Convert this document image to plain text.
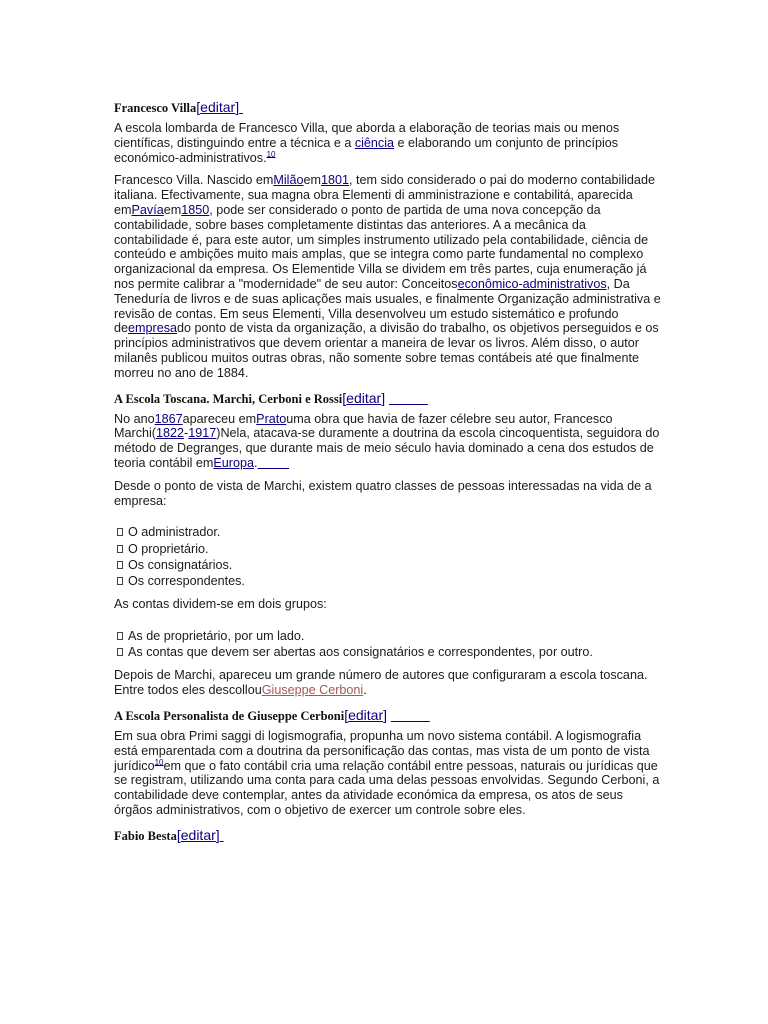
Francesco Villa[editar]

A escola lombarda de Francesco Villa, que aborda a elaboração de teorias mais ou menos científicas, distinguindo entre a técnica e a ciência e elaborando um conjunto de princípios económico-administrativos.$^{10}$

Francesco Villa. Nascido emMilãoem1801, tem sido considerado o pai do moderno contabilidade italiana. Efectivamente, sua magna obra Elementi di amministrazione e contabilitá, aparecida emPavíaem1850, pode ser considerado o ponto de partida de uma nova concepção da contabilidade, sobre bases completamente distintas das anteriores. A a mecânica da contabilidade é, para este autor, um simples instrumento utilizado pela contabilidade, ciência de conteúdo e ambições muito mais amplas, que se integra como parte fundamental no complexo organizacional da empresa. Os Elementide Villa se dividem em três partes, cuja enumeração já nos permite calibrar a "modernidade" de seu autor: Conceitoseconômico-administrativos, Da Teneduría de livros e de suas aplicações mais usuales, e finalmente Organização administrativa e revisão de contas. Em seus Elementi, Villa desenvolveu um estudo sistemático e profundo deempresado ponto de vista da organização, a divisão do trabalho, os objetivos perseguidos e os princípios administrativos que devem orientar a maneira de levar os livros. Além disso, o autor milanês publicou muitos outras obras, não somente sobre temas contábeis até que finalmente morreu no ano de 1884.

A Escola Toscana. Marchi, Cerboni e Rossi[editar]

No ano1867apareceu emPratouma obra que havia de fazer célebre seu autor, Francesco Marchi(1822-1917)Nela, atacava-se duramente a doutrina da escola cincoquentista, seguidora do método de Degranges, que durante mais de meio século havia dominado a cena dos estudos de teoria contábil emEuropa.

Desde o ponto de vista de Marchi, existem quatro classes de pessoas interessadas na vida de a empresa:

O administrador.
O proprietário.
Os consignatários.
Os correspondentes.

As contas dividem-se em dois grupos:

As de proprietário, por um lado.
As contas que devem ser abertas aos consignatários e correspondentes, por outro.

Depois de Marchi, apareceu um grande número de autores que configuraram a escola toscana. Entre todos eles descollouGiuseppe Cerboni.

A Escola Personalista de Giuseppe Cerboni[editar]

Em sua obra Primi saggi di logismografia, propunha um novo sistema contábil. A logismografia está emparentada com a doutrina da personificação das contas, mas vista de um ponto de vista jurídico$^{10}$em que o fato contábil cria uma relação contábil entre pessoas, naturais ou jurídicas que se registram, utilizando uma conta para cada uma delas pessoas envolvidas. Segundo Cerboni, a contabilidade deve contemplar, antes da atividade económica da empresa, os atos de seus órgãos administrativos, com o objetivo de exercer um controle sobre eles.

Fabio Besta[editar]
